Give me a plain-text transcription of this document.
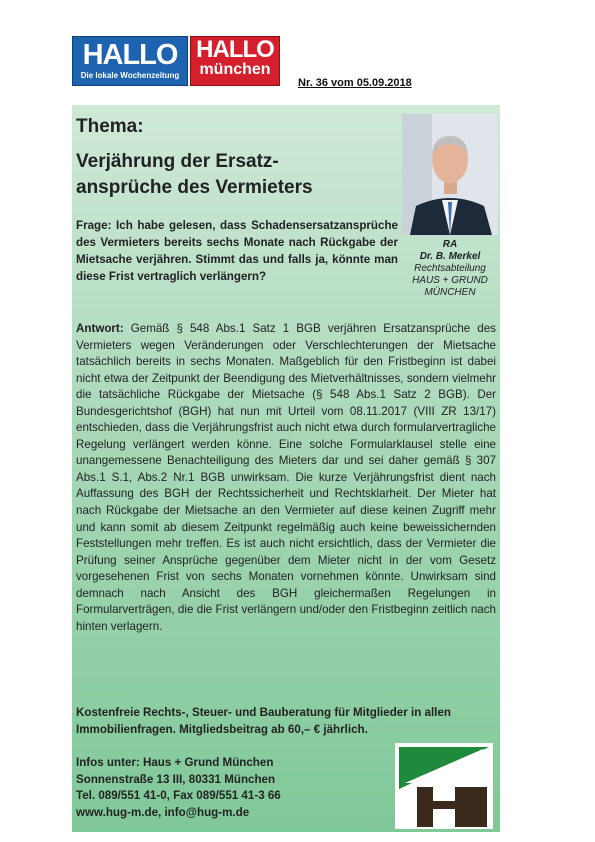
HALLO
Die lokale Wochenzeitung
HALLO
münchen
Nr. 36 vom 05.09.2018
Thema:
Verjährung der Ersatz-
ansprüche des Vermieters
RA
Dr. B. Merkel
Rechtsabteilung
HAUS + GRUND
MÜNCHEN
Frage: Ich habe gelesen, dass Schadensersatzansprüche des Vermieters bereits sechs Monate nach Rückgabe der Mietsache verjähren. Stimmt das und falls ja, könnte man diese Frist vertraglich verlängern?
Antwort: Gemäß § 548 Abs.1 Satz 1 BGB verjähren Ersatzansprüche des Vermieters wegen Veränderungen oder Verschlechterungen der Mietsache tatsächlich bereits in sechs Monaten. Maßgeblich für den Fristbeginn ist dabei nicht etwa der Zeitpunkt der Beendigung des Mietverhältnisses, sondern vielmehr die tatsächliche Rückgabe der Mietsache (§ 548 Abs.1 Satz 2 BGB). Der Bundesgerichtshof (BGH) hat nun mit Urteil vom 08.11.2017 (VIII ZR 13/17) entschieden, dass die Verjährungsfrist auch nicht etwa durch formularvertragliche Regelung verlängert werden könne. Eine solche Formularklausel stelle eine unangemessene Benachteiligung des Mieters dar und sei daher gemäß § 307 Abs.1 S.1, Abs.2 Nr.1 BGB unwirksam. Die kurze Verjährungsfrist dient nach Auffassung des BGH der Rechtssicherheit und Rechtsklarheit. Der Mieter hat nach Rückgabe der Mietsache an den Vermieter auf diese keinen Zugriff mehr und kann somit ab diesem Zeitpunkt regelmäßig auch keine beweissichernden Feststellungen mehr treffen. Es ist auch nicht ersichtlich, dass der Vermieter die Prüfung seiner Ansprüche gegenüber dem Mieter nicht in der vom Gesetz vorgesehenen Frist von sechs Monaten vornehmen könnte. Unwirksam sind demnach nach Ansicht des BGH gleichermaßen Regelungen in Formularverträgen, die die Frist verlängern und/oder den Fristbeginn zeitlich nach hinten verlagern.
Kostenfreie Rechts-, Steuer- und Bauberatung für Mitglieder in allen Immobilienfragen. Mitgliedsbeitrag ab 60,– € jährlich.
Infos unter: Haus + Grund München
Sonnenstraße 13 III, 80331 München
Tel. 089/551 41-0, Fax 089/551 41-3 66
www.hug-m.de, info@hug-m.de
